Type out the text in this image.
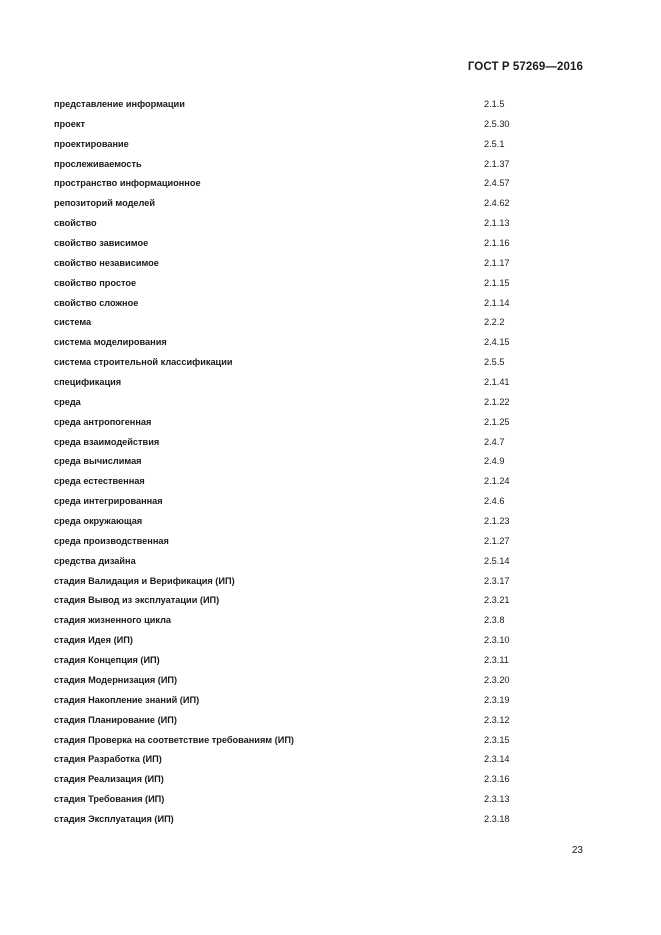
ГОСТ Р 57269—2016
представление информации	2.1.5
проект	2.5.30
проектирование	2.5.1
прослеживаемость	2.1.37
пространство информационное	2.4.57
репозиторий моделей	2.4.62
свойство	2.1.13
свойство зависимое	2.1.16
свойство независимое	2.1.17
свойство простое	2.1.15
свойство сложное	2.1.14
система	2.2.2
система моделирования	2.4.15
система строительной классификации	2.5.5
спецификация	2.1.41
среда	2.1.22
среда антропогенная	2.1.25
среда взаимодействия	2.4.7
среда вычислимая	2.4.9
среда естественная	2.1.24
среда интегрированная	2.4.6
среда окружающая	2.1.23
среда производственная	2.1.27
средства дизайна	2.5.14
стадия Валидация и Верификация (ИП)	2.3.17
стадия Вывод из эксплуатации (ИП)	2.3.21
стадия жизненного цикла	2.3.8
стадия Идея (ИП)	2.3.10
стадия Концепция (ИП)	2.3.11
стадия Модернизация (ИП)	2.3.20
стадия Накопление знаний (ИП)	2.3.19
стадия Планирование (ИП)	2.3.12
стадия Проверка на соответствие требованиям (ИП)	2.3.15
стадия Разработка (ИП)	2.3.14
стадия Реализация (ИП)	2.3.16
стадия Требования (ИП)	2.3.13
стадия Эксплуатация (ИП)	2.3.18
23
